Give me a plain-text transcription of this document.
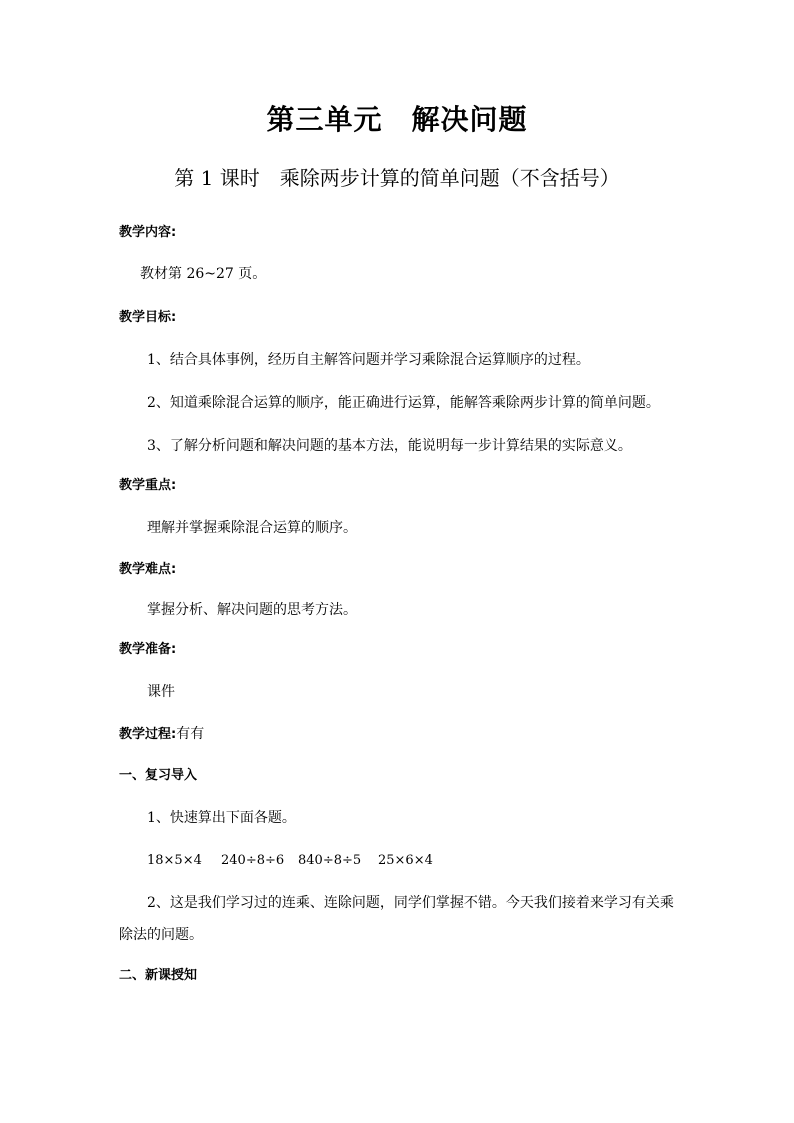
第三单元　解决问题
第 1 课时　乘除两步计算的简单问题（不含括号）
教学内容:
教材第 26~27 页。
教学目标:
1、结合具体事例，经历自主解答问题并学习乘除混合运算顺序的过程。
2、知道乘除混合运算的顺序，能正确进行运算，能解答乘除两步计算的简单问题。
3、了解分析问题和解决问题的基本方法，能说明每一步计算结果的实际意义。
教学重点:
理解并掌握乘除混合运算的顺序。
教学难点:
掌握分析、解决问题的思考方法。
教学准备:
课件
教学过程:有有
一、复习导入
1、快速算出下面各题。
18×5×4 240÷8÷6 840÷8÷5 25×6×4
2、这是我们学习过的连乘、连除问题，同学们掌握不错。今天我们接着来学习有关乘
除法的问题。
二、新课授知
